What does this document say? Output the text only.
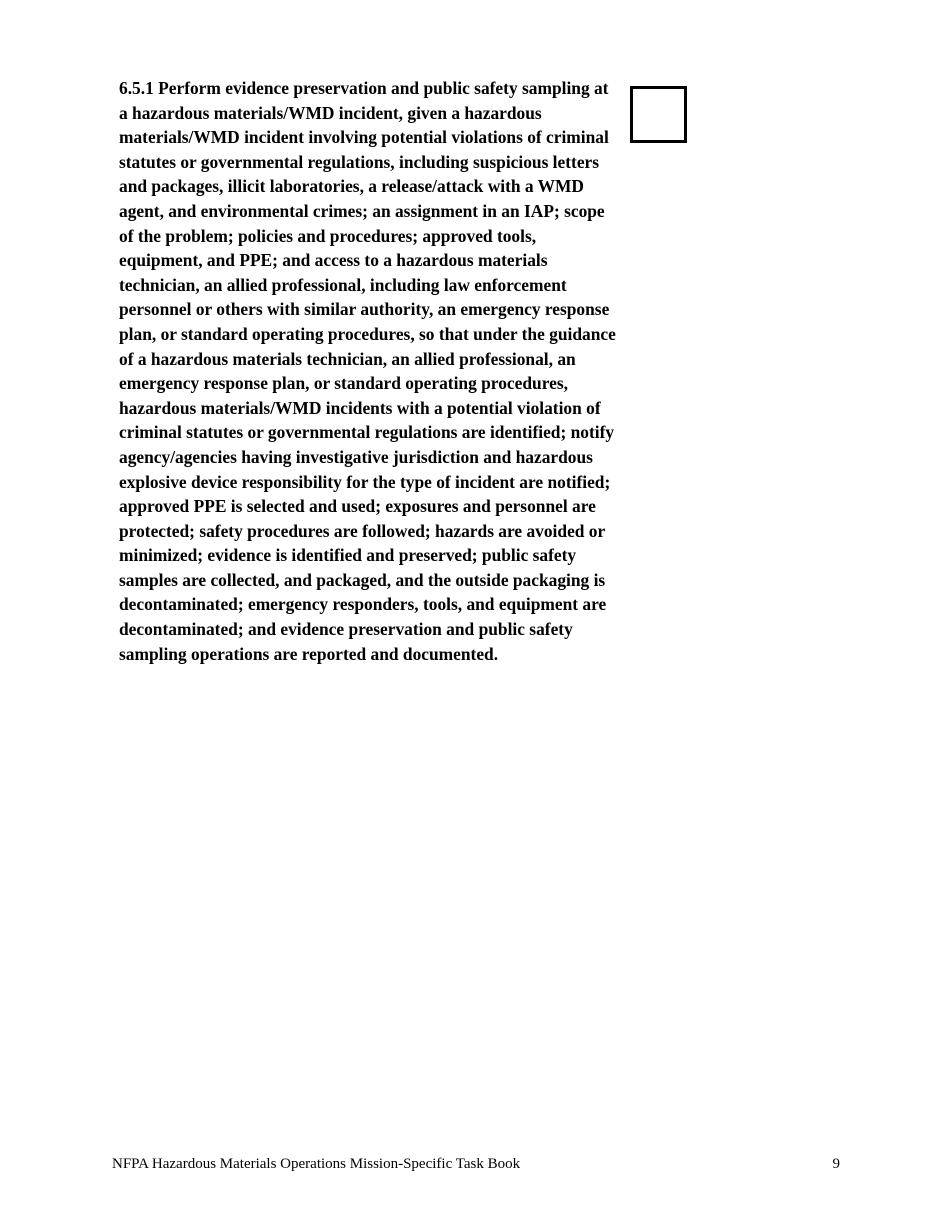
6.5.1 Perform evidence preservation and public safety sampling at a hazardous materials/WMD incident, given a hazardous materials/WMD incident involving potential violations of criminal statutes or governmental regulations, including suspicious letters and packages, illicit laboratories, a release/attack with a WMD agent, and environmental crimes; an assignment in an IAP; scope of the problem; policies and procedures; approved tools, equipment, and PPE; and access to a hazardous materials technician, an allied professional, including law enforcement personnel or others with similar authority, an emergency response plan, or standard operating procedures, so that under the guidance of a hazardous materials technician, an allied professional, an emergency response plan, or standard operating procedures, hazardous materials/WMD incidents with a potential violation of criminal statutes or governmental regulations are identified; notify agency/agencies having investigative jurisdiction and hazardous explosive device responsibility for the type of incident are notified; approved PPE is selected and used; exposures and personnel are protected; safety procedures are followed; hazards are avoided or minimized; evidence is identified and preserved; public safety samples are collected, and packaged, and the outside packaging is decontaminated; emergency responders, tools, and equipment are decontaminated; and evidence preservation and public safety sampling operations are reported and documented.

NFPA Hazardous Materials Operations Mission-Specific Task Book	9
